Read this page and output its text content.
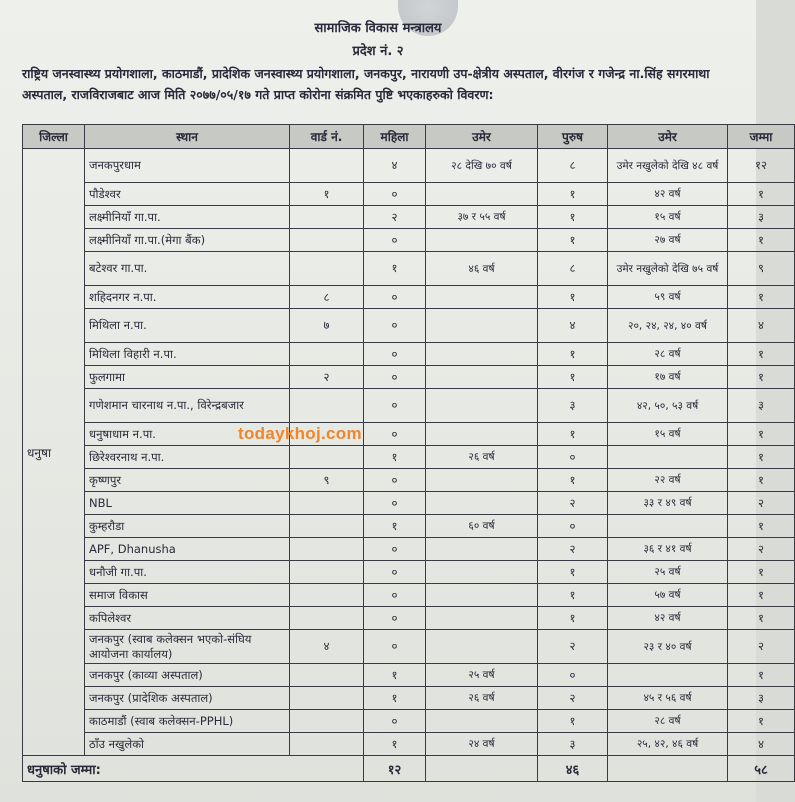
सामाजिक विकास मन्त्रालय
प्रदेश नं. २
राष्ट्रिय जनस्वास्थ्य प्रयोगशाला, काठमाडौं, प्रादेशिक जनस्वास्थ्य प्रयोगशाला, जनकपुर, नारायणी उप-क्षेत्रीय अस्पताल, वीरगंज र गजेन्द्र ना.सिंह सगरमाथा अस्पताल, राजविराजबाट आज मिति २०७७/०५/१७ गते प्राप्त कोरोना संक्रमित पुष्टि भएकाहरुको विवरण:
जिल्ला	स्थान	वार्ड नं.	महिला	उमेर	पुरुष	उमेर	जम्मा
धनुषा	जनकपुरधाम		४	२८ देखि ७० वर्ष	८	उमेर नखुलेको देखि ४८ वर्ष	१२
	पौडेश्वर	१	०		१	४२ वर्ष	१
	लक्ष्मीनियाँ गा.पा.		२	३७ र ५५ वर्ष	१	१५ वर्ष	३
	लक्ष्मीनियाँ गा.पा.(मेगा बैंक)		०		१	२७ वर्ष	१
	बटेश्वर गा.पा.		१	४६ वर्ष	८	उमेर नखुलेको देखि ७५ वर्ष	९
	शहिदनगर न.पा.	८	०		१	५९ वर्ष	१
	मिथिला न.पा.	७	०		४	२०, २४, २४, ४० वर्ष	४
	मिथिला विहारी न.पा.		०		१	२८ वर्ष	१
	फुलगामा	२	०		१	१७ वर्ष	१
	गणेशमान चारनाथ न.पा., विरेन्द्रबजार		०		३	४२, ५०, ५३ वर्ष	३
	धनुषाधाम न.पा.		०		१	१५ वर्ष	१
	छिरेश्वरनाथ न.पा.		१	२६ वर्ष	०		१
	कृष्णपुर	९	०		१	२२ वर्ष	१
	NBL		०		२	३३ र ४९ वर्ष	२
	कुम्हरौडा		१	६० वर्ष	०		१
	APF, Dhanusha		०		२	३६ र ४१ वर्ष	२
	धनौजी गा.पा.		०		१	२५ वर्ष	१
	समाज विकास		०		१	५७ वर्ष	१
	कपिलेश्वर		०		१	४२ वर्ष	१
	जनकपुर (स्वाब कलेक्सन भएको-संघिय आयोजना कार्यालय)	४	०		२	२३ र ४० वर्ष	२
	जनकपुर (काव्या अस्पताल)		१	२५ वर्ष	०		१
	जनकपुर (प्रादेशिक अस्पताल)		१	२६ वर्ष	२	४५ र ५६ वर्ष	३
	काठमाडौं (स्वाब कलेक्सन-PPHL)		०		१	२८ वर्ष	१
	ठाँउ नखुलेको		१	२४ वर्ष	३	२५, ४२, ४६ वर्ष	४
धनुषाको जम्मा:			१२		४६		५८
todaykhoj.com
